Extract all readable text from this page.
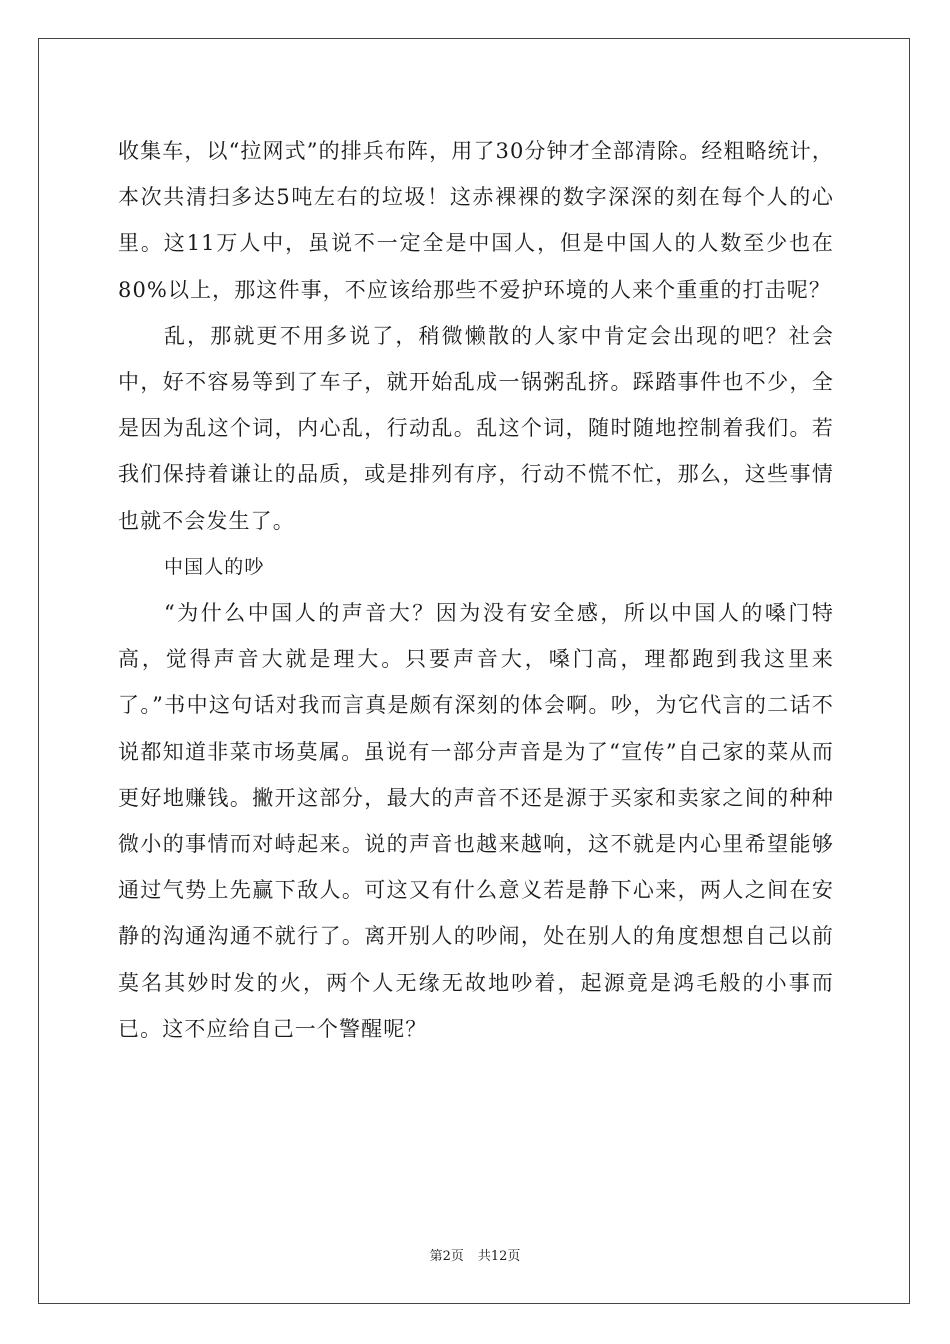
收集车，以“拉网式”的排兵布阵，用了30分钟才全部清除。经粗略统计，本次共清扫多达5吨左右的垃圾！这赤裸裸的数字深深的刻在每个人的心里。这11万人中，虽说不一定全是中国人，但是中国人的人数至少也在80%以上，那这件事，不应该给那些不爱护环境的人来个重重的打击呢？

乱，那就更不用多说了，稍微懒散的人家中肯定会出现的吧？社会中，好不容易等到了车子，就开始乱成一锅粥乱挤。踩踏事件也不少，全是因为乱这个词，内心乱，行动乱。乱这个词，随时随地控制着我们。若我们保持着谦让的品质，或是排列有序，行动不慌不忙，那么，这些事情也就不会发生了。

中国人的吵

“为什么中国人的声音大？因为没有安全感，所以中国人的嗓门特高，觉得声音大就是理大。只要声音大，嗓门高，理都跑到我这里来了。”书中这句话对我而言真是颇有深刻的体会啊。吵，为它代言的二话不说都知道非菜市场莫属。虽说有一部分声音是为了“宣传”自己家的菜从而更好地赚钱。撇开这部分，最大的声音不还是源于买家和卖家之间的种种微小的事情而对峙起来。说的声音也越来越响，这不就是内心里希望能够通过气势上先赢下敌人。可这又有什么意义若是静下心来，两人之间在安静的沟通沟通不就行了。离开别人的吵闹，处在别人的角度想想自己以前莫名其妙时发的火，两个人无缘无故地吵着，起源竟是鸿毛般的小事而已。这不应给自己一个警醒呢？

第2页 共12页
